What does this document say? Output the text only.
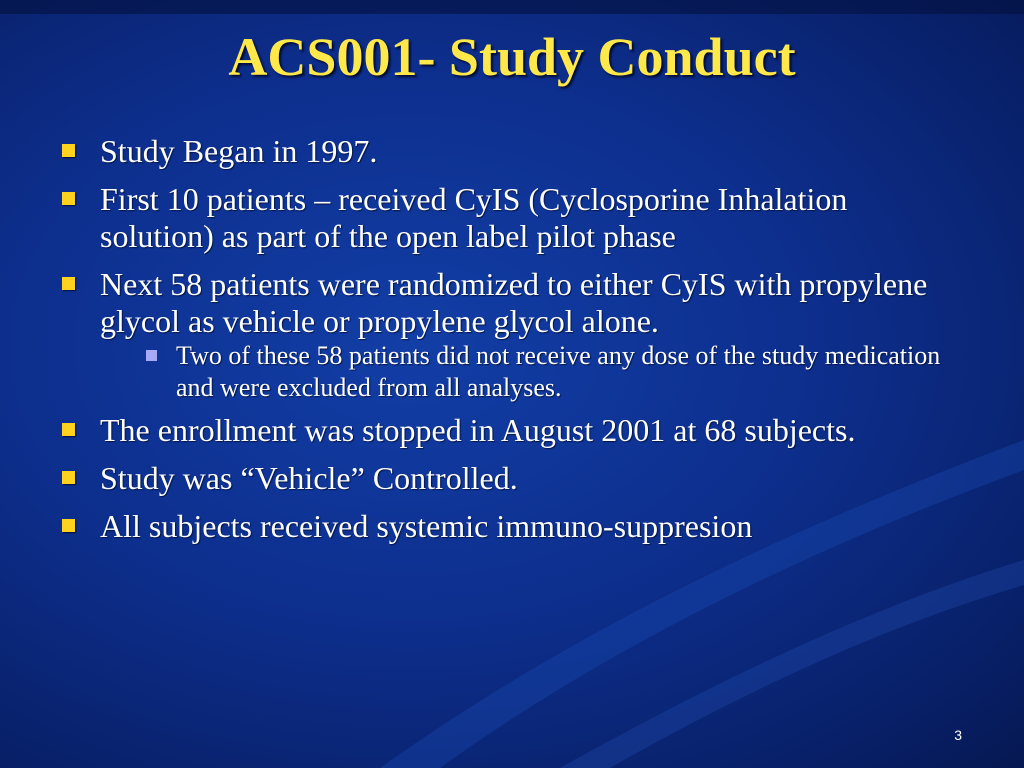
ACS001- Study Conduct
Study Began in 1997.
First 10 patients – received CyIS (Cyclosporine Inhalation solution) as part of the open label pilot phase
Next 58 patients were randomized to either CyIS with propylene glycol as vehicle or propylene glycol alone.
Two of these 58 patients did not receive any dose of the study medication and were excluded from all analyses.
The enrollment was stopped in August 2001 at 68 subjects.
Study was “Vehicle” Controlled.
All subjects received systemic immuno-suppresion
3
